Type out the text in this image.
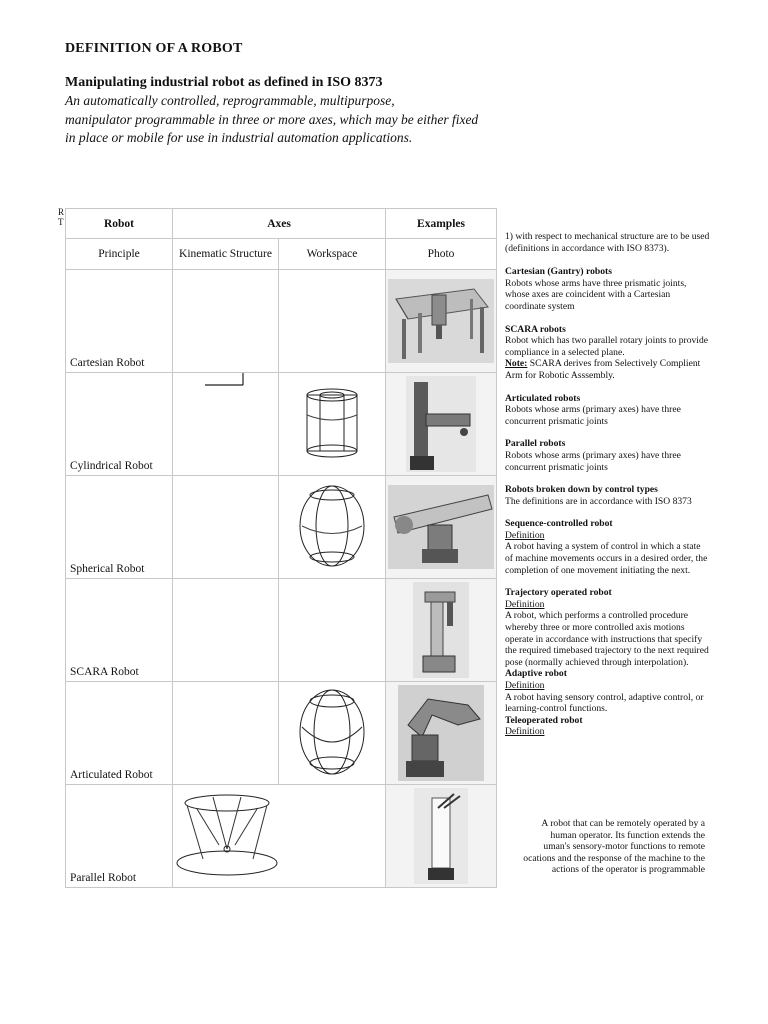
DEFINITION OF A ROBOT
Manipulating industrial robot as defined in ISO 8373
An automatically controlled, reprogrammable, multipurpose,
manipulator programmable in three or more axes, which may be either fixed
in place or mobile for use in industrial automation applications.
R
T	Robot	Axes		Examples
Principle	Kinematic Structure	Workspace	Photo
Cartesian Robot			

Cylindrical Robot			

Spherical Robot			

SCARA Robot			

Articulated Robot			

Parallel Robot		
1) with respect to mechanical structure are to be used (definitions in accordance with ISO 8373).
Cartesian (Gantry) robots
Robots whose arms have three prismatic joints, whose axes are coincident with a Cartesian coordinate system
SCARA robots
Robot which has two parallel rotary joints to provide compliance in a selected plane.
Note: SCARA derives from Selectively Complient Arm for Robotic Asssembly.
Articulated robots
Robots whose arms (primary axes) have three concurrent prismatic joints
Parallel robots
Robots whose arms (primary axes) have three concurrent prismatic joints
Robots broken down by control types
The definitions are in accordance with ISO 8373
Sequence-controlled robot
Definition
A robot having a system of control in which a state of machine movements occurs in a desired order, the completion of one movement initiating the next.
Trajectory operated robot
Definition
A robot, which performs a controlled procedure whereby three or more controlled axis motions operate in accordance with instructions that specify the required timebased trajectory to the next required pose (normally achieved through interpolation).
Adaptive robot
Definition
A robot having sensory control, adaptive control, or learning-control functions.
Teleoperated robot
Definition
A robot that can be remotely operated by a
human operator. Its function extends the
uman's sensory-motor functions to remote
ocations and the response of the machine to the
actions of the operator is programmable
